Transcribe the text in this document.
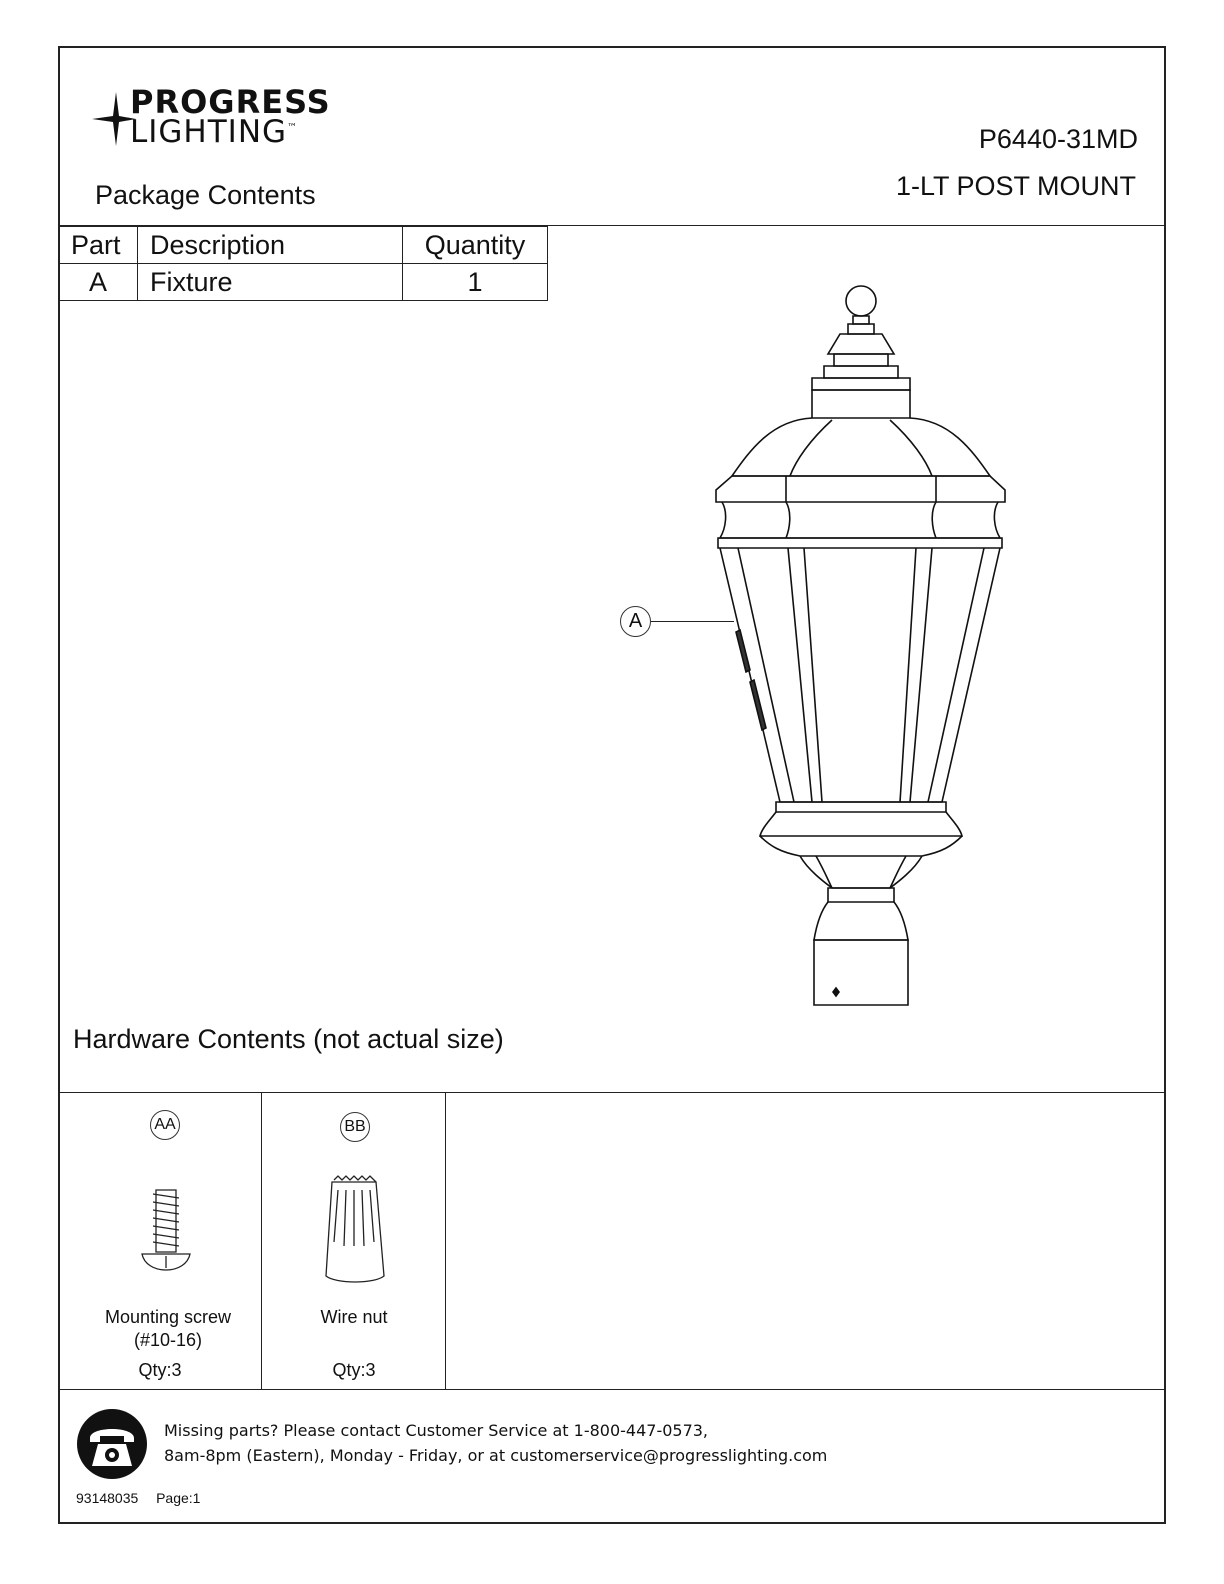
PROGRESS
LIGHTING™
Package Contents
P6440-31MD
1-LT POST MOUNT
Part	Description	Quantity
A	Fixture	1
A
Hardware Contents (not actual size)
AA
Mounting screw
(#10-16)
Qty:3
BB
Wire nut
Qty:3
Missing parts? Please contact Customer Service at 1-800-447-0573,
8am-8pm (Eastern), Monday - Friday, or at customerservice@progresslighting.com
93148035 Page:1
